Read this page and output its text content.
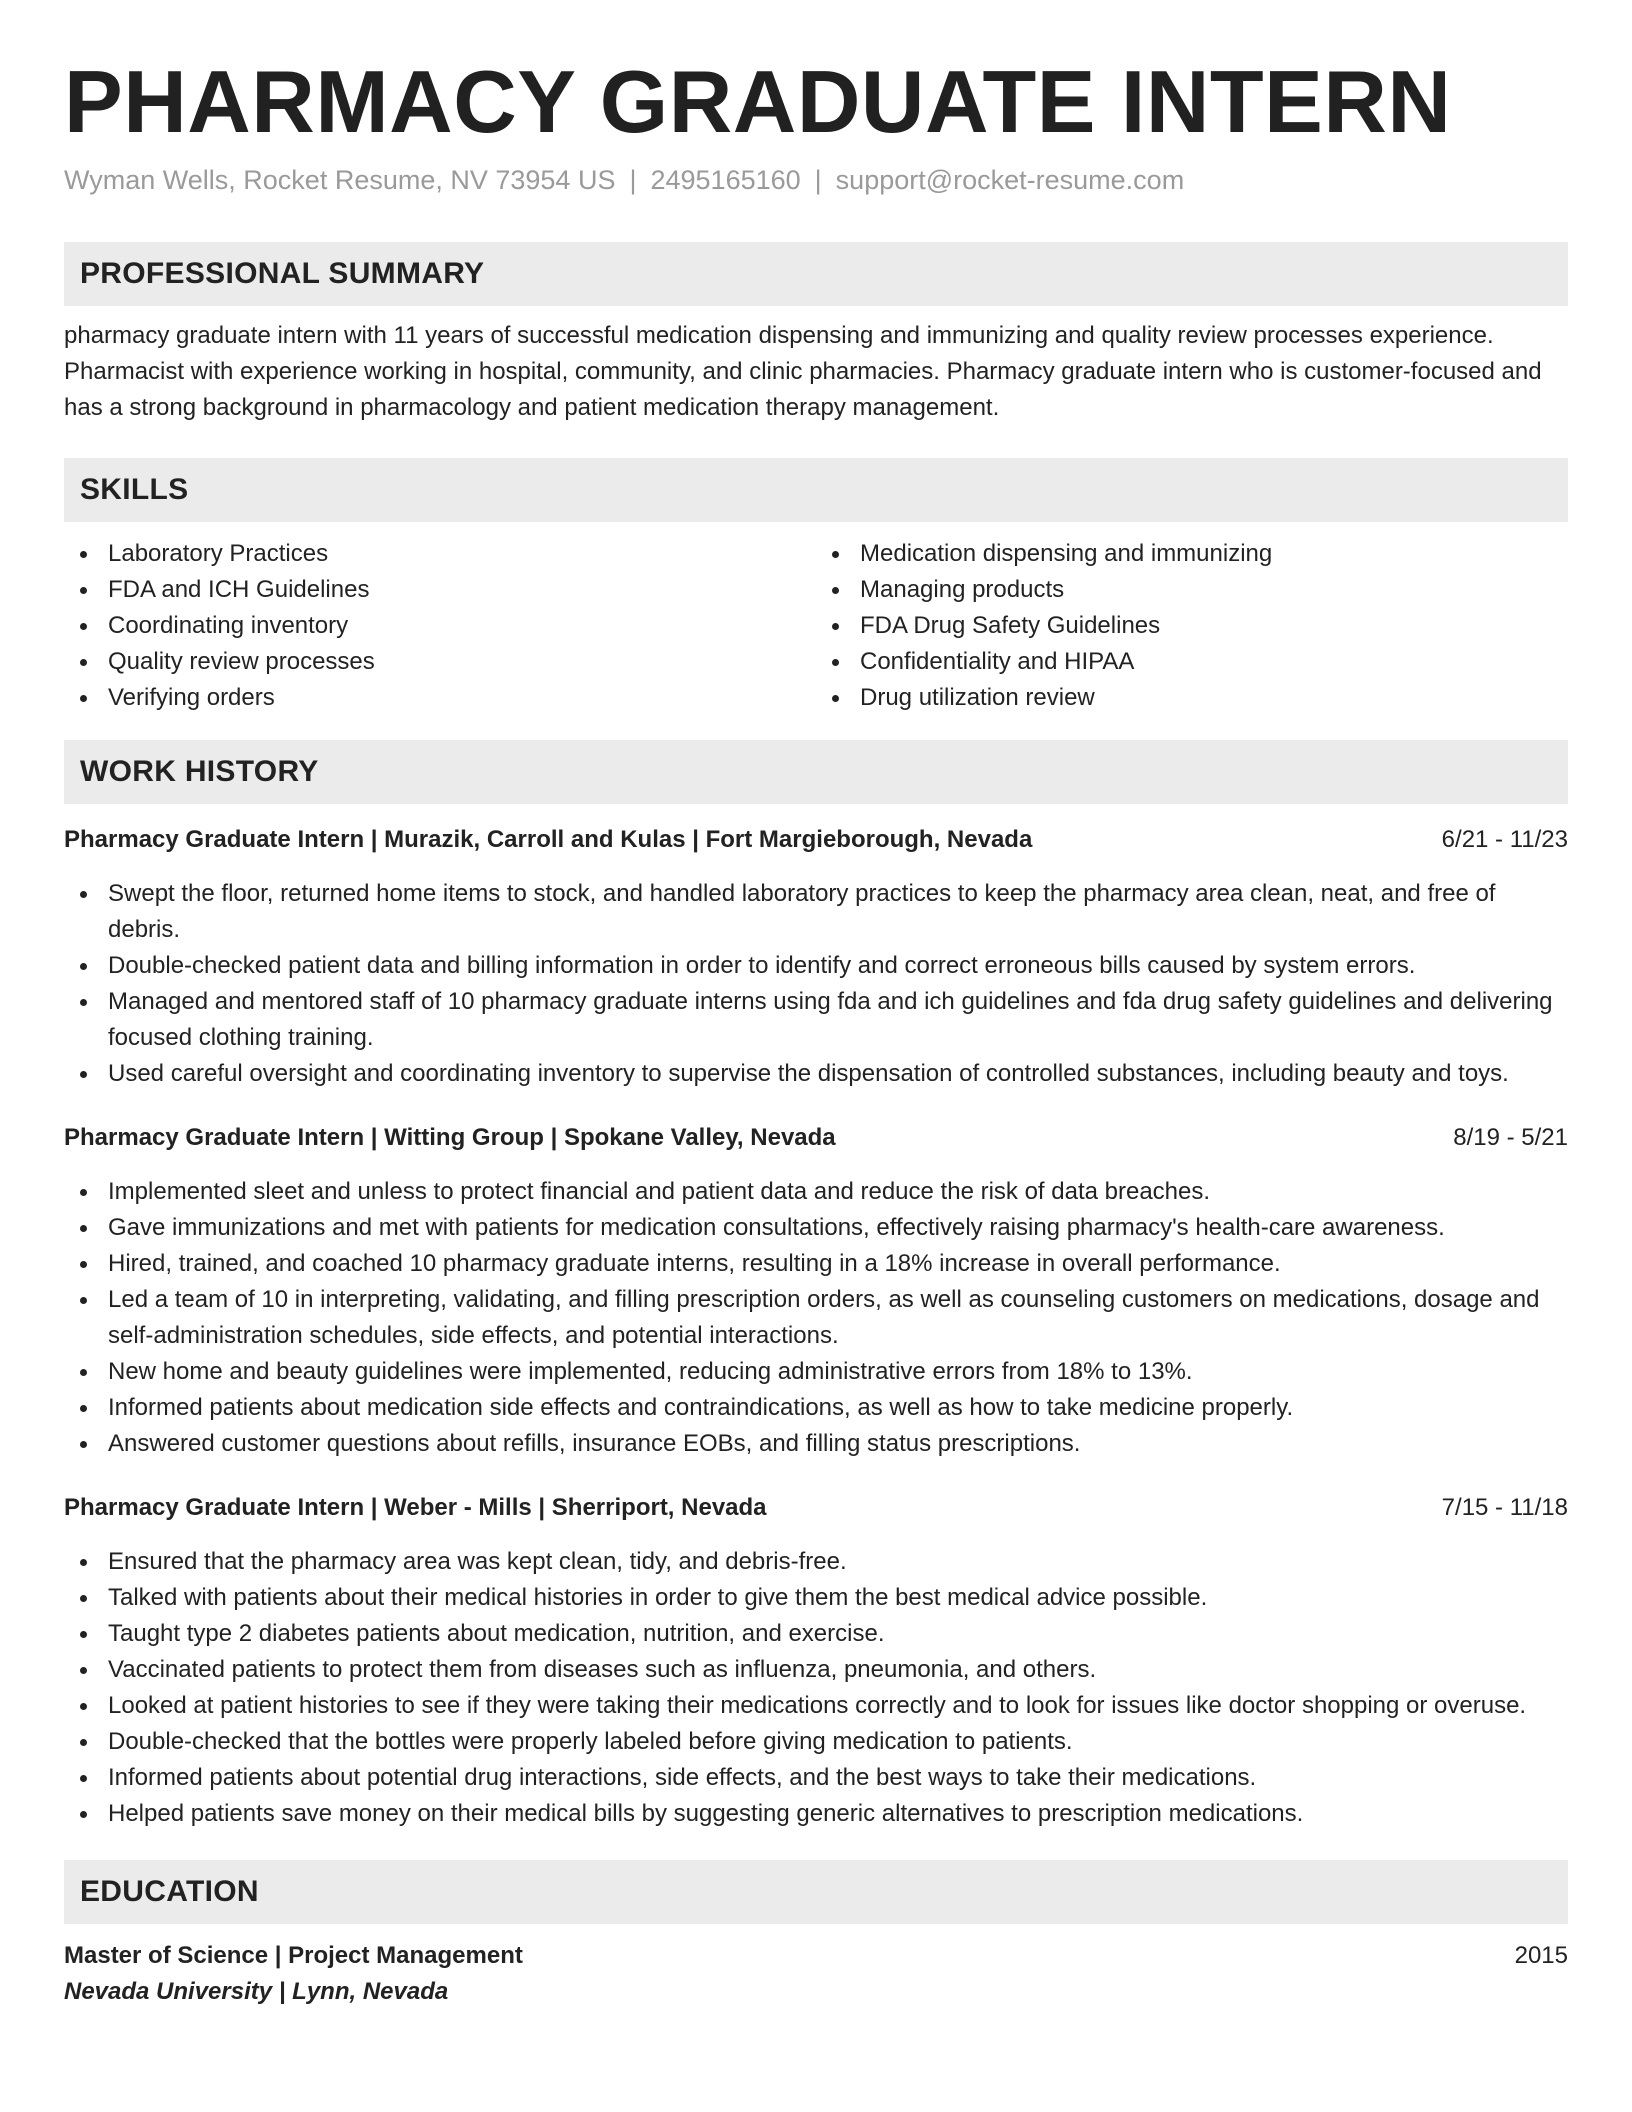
PHARMACY GRADUATE INTERN
Wyman Wells, Rocket Resume, NV 73954 US | 2495165160 | support@rocket-resume.com
PROFESSIONAL SUMMARY

pharmacy graduate intern with 11 years of successful medication dispensing and immunizing and quality review processes experience. Pharmacist with experience working in hospital, community, and clinic pharmacies. Pharmacy graduate intern who is customer-focused and has a strong background in pharmacology and patient medication therapy management.

SKILLS
Laboratory Practices
FDA and ICH Guidelines
Coordinating inventory
Quality review processes
Verifying orders
Medication dispensing and immunizing
Managing products
FDA Drug Safety Guidelines
Confidentiality and HIPAA
Drug utilization review
WORK HISTORY
Pharmacy Graduate Intern | Murazik, Carroll and Kulas | Fort Margieborough, Nevada	6/21 - 11/23
Swept the floor, returned home items to stock, and handled laboratory practices to keep the pharmacy area clean, neat, and free of debris.
Double-checked patient data and billing information in order to identify and correct erroneous bills caused by system errors.
Managed and mentored staff of 10 pharmacy graduate interns using fda and ich guidelines and fda drug safety guidelines and delivering focused clothing training.
Used careful oversight and coordinating inventory to supervise the dispensation of controlled substances, including beauty and toys.
Pharmacy Graduate Intern | Witting Group | Spokane Valley, Nevada	8/19 - 5/21
Implemented sleet and unless to protect financial and patient data and reduce the risk of data breaches.
Gave immunizations and met with patients for medication consultations, effectively raising pharmacy's health-care awareness.
Hired, trained, and coached 10 pharmacy graduate interns, resulting in a 18% increase in overall performance.
Led a team of 10 in interpreting, validating, and filling prescription orders, as well as counseling customers on medications, dosage and self-administration schedules, side effects, and potential interactions.
New home and beauty guidelines were implemented, reducing administrative errors from 18% to 13%.
Informed patients about medication side effects and contraindications, as well as how to take medicine properly.
Answered customer questions about refills, insurance EOBs, and filling status prescriptions.
Pharmacy Graduate Intern | Weber - Mills | Sherriport, Nevada	7/15 - 11/18
Ensured that the pharmacy area was kept clean, tidy, and debris-free.
Talked with patients about their medical histories in order to give them the best medical advice possible.
Taught type 2 diabetes patients about medication, nutrition, and exercise.
Vaccinated patients to protect them from diseases such as influenza, pneumonia, and others.
Looked at patient histories to see if they were taking their medications correctly and to look for issues like doctor shopping or overuse.
Double-checked that the bottles were properly labeled before giving medication to patients.
Informed patients about potential drug interactions, side effects, and the best ways to take their medications.
Helped patients save money on their medical bills by suggesting generic alternatives to prescription medications.
EDUCATION
Master of Science | Project Management	2015
Nevada University | Lynn, Nevada
